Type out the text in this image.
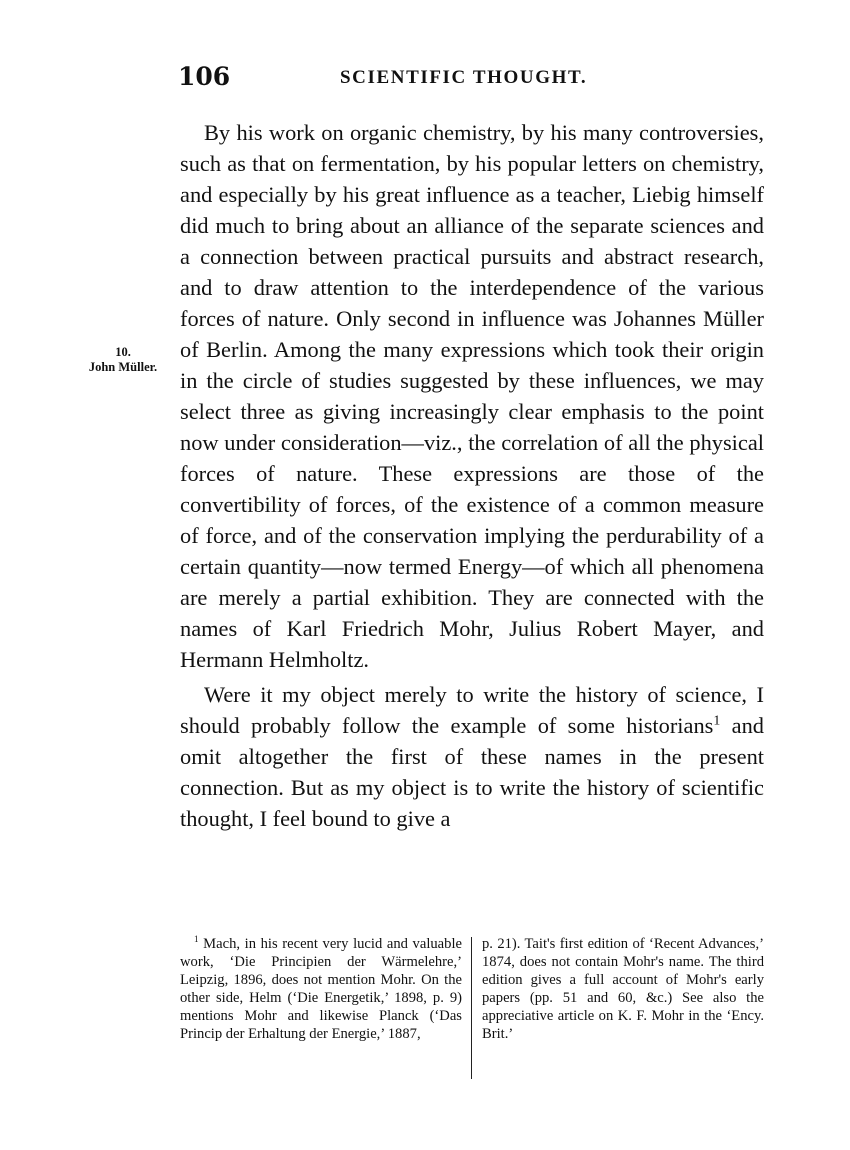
106	SCIENTIFIC THOUGHT.
10.
John Müller.

By his work on organic chemistry, by his many controversies, such as that on fermentation, by his popular letters on chemistry, and especially by his great influence as a teacher, Liebig himself did much to bring about an alliance of the separate sciences and a connection between practical pursuits and abstract research, and to draw attention to the interdependence of the various forces of nature. Only second in influence was Johannes Müller of Berlin. Among the many expressions which took their origin in the circle of studies suggested by these influences, we may select three as giving increasingly clear emphasis to the point now under consideration—viz., the correlation of all the physical forces of nature. These expressions are those of the convertibility of forces, of the existence of a common measure of force, and of the conservation implying the perdurability of a certain quantity—now termed Energy—of which all phenomena are merely a partial exhibition. They are connected with the names of Karl Friedrich Mohr, Julius Robert Mayer, and Hermann Helmholtz.

Were it my object merely to write the history of science, I should probably follow the example of some historians$^1$ and omit altogether the first of these names in the present connection. But as my object is to write the history of scientific thought, I feel bound to give a

$^1$ Mach, in his recent very lucid and valuable work, ‘Die Principien der Wärmelehre,’ Leipzig, 1896, does not mention Mohr. On the other side, Helm (‘Die Energetik,’ 1898, p. 9) mentions Mohr and likewise Planck (‘Das Princip der Erhaltung der Energie,’ 1887,
p. 21). Tait's first edition of ‘Recent Advances,’ 1874, does not contain Mohr's name. The third edition gives a full account of Mohr's early papers (pp. 51 and 60, &c.) See also the appreciative article on K. F. Mohr in the ‘Ency. Brit.’
